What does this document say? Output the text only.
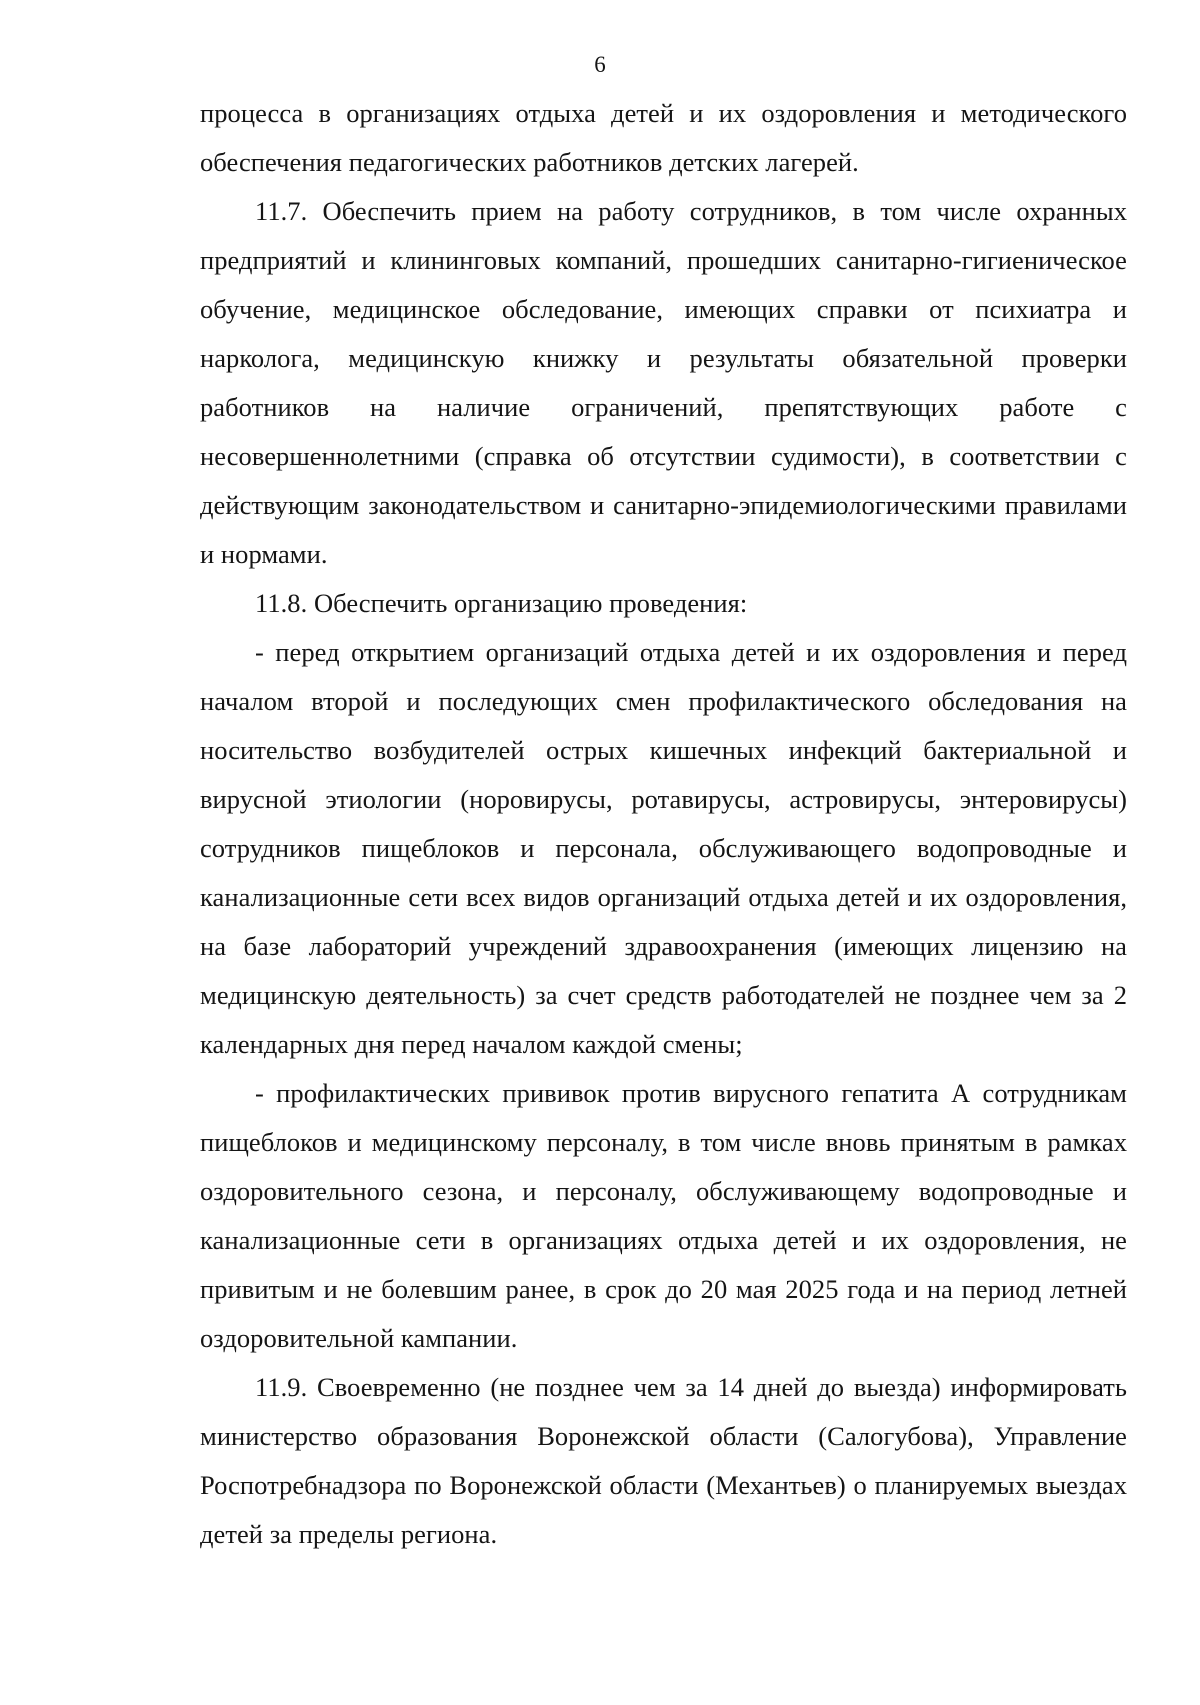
6

процесса в организациях отдыха детей и их оздоровления и методического обеспечения педагогических работников детских лагерей.

11.7. Обеспечить прием на работу сотрудников, в том числе охранных предприятий и клининговых компаний, прошедших санитарно-гигиеническое обучение, медицинское обследование, имеющих справки от психиатра и нарколога, медицинскую книжку и результаты обязательной проверки работников на наличие ограничений, препятствующих работе с несовершеннолетними (справка об отсутствии судимости), в соответствии с действующим законодательством и санитарно-эпидемиологическими правилами и нормами.

11.8. Обеспечить организацию проведения:

- перед открытием организаций отдыха детей и их оздоровления и перед началом второй и последующих смен профилактического обследования на носительство возбудителей острых кишечных инфекций бактериальной и вирусной этиологии (норовирусы, ротавирусы, астровирусы, энтеровирусы) сотрудников пищеблоков и персонала, обслуживающего водопроводные и канализационные сети всех видов организаций отдыха детей и их оздоровления, на базе лабораторий учреждений здравоохранения (имеющих лицензию на медицинскую деятельность) за счет средств работодателей не позднее чем за 2 календарных дня перед началом каждой смены;

- профилактических прививок против вирусного гепатита А сотрудникам пищеблоков и медицинскому персоналу, в том числе вновь принятым в рамках оздоровительного сезона, и персоналу, обслуживающему водопроводные и канализационные сети в организациях отдыха детей и их оздоровления, не привитым и не болевшим ранее, в срок до 20 мая 2025 года и на период летней оздоровительной кампании.

11.9. Своевременно (не позднее чем за 14 дней до выезда) информировать министерство образования Воронежской области (Салогубова), Управление Роспотребнадзора по Воронежской области (Механтьев) о планируемых выездах детей за пределы региона.
